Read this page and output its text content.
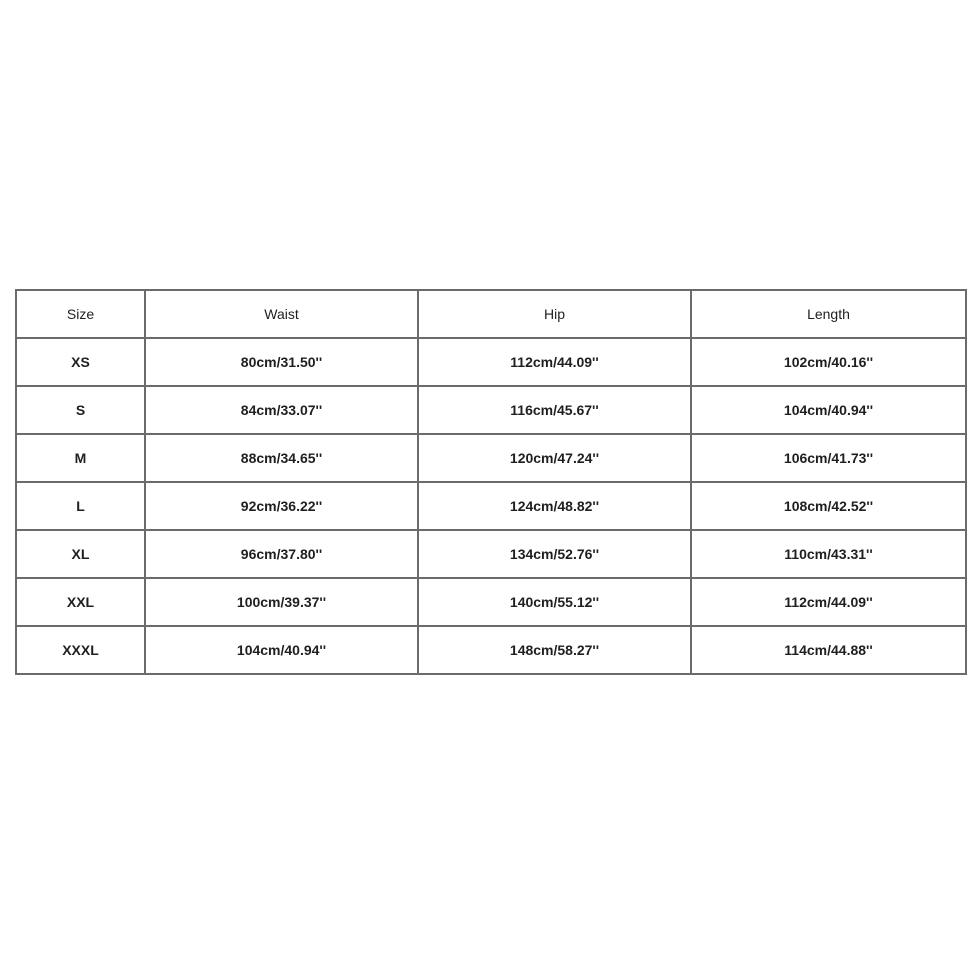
Size	Waist	Hip	Length
XS	80cm/31.50''	112cm/44.09''	102cm/40.16''
S	84cm/33.07''	116cm/45.67''	104cm/40.94''
M	88cm/34.65''	120cm/47.24''	106cm/41.73''
L	92cm/36.22''	124cm/48.82''	108cm/42.52''
XL	96cm/37.80''	134cm/52.76''	110cm/43.31''
XXL	100cm/39.37''	140cm/55.12''	112cm/44.09''
XXXL	104cm/40.94''	148cm/58.27''	114cm/44.88''
